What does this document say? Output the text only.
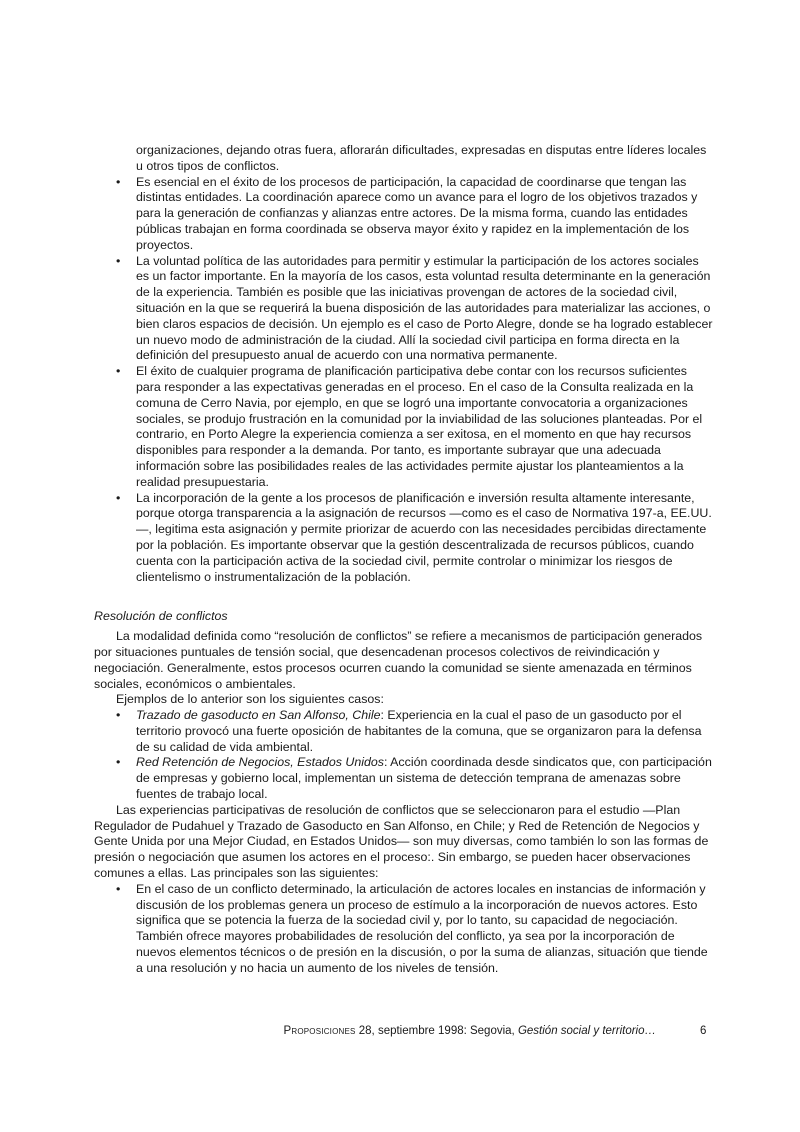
organizaciones, dejando otras fuera, aflorarán dificultades, expresadas en disputas entre líderes locales u otros tipos de conflictos.

•	Es esencial en el éxito de los procesos de participación, la capacidad de coordinarse que tengan las distintas entidades. La coordinación aparece como un avance para el logro de los objetivos trazados y para la generación de confianzas y alianzas entre actores. De la misma forma, cuando las entidades públicas trabajan en forma coordinada se observa mayor éxito y rapidez en la implementación de los proyectos.
•	La voluntad política de las autoridades para permitir y estimular la participación de los actores sociales es un factor importante. En la mayoría de los casos, esta voluntad resulta determinante en la generación de la experiencia. También es posible que las iniciativas provengan de actores de la sociedad civil, situación en la que se requerirá la buena disposición de las autoridades para materializar las acciones, o bien claros espacios de decisión. Un ejemplo es el caso de Porto Alegre, donde se ha logrado establecer un nuevo modo de administración de la ciudad. Allí la sociedad civil participa en forma directa en la definición del presupuesto anual de acuerdo con una normativa permanente.
•	El éxito de cualquier programa de planificación participativa debe contar con los recursos suficientes para responder a las expectativas generadas en el proceso. En el caso de la Consulta realizada en la comuna de Cerro Navia, por ejemplo, en que se logró una importante convocatoria a organizaciones sociales, se produjo frustración en la comunidad por la inviabilidad de las soluciones planteadas. Por el contrario, en Porto Alegre la experiencia comienza a ser exitosa, en el momento en que hay recursos disponibles para responder a la demanda. Por tanto, es importante subrayar que una adecuada información sobre las posibilidades reales de las actividades permite ajustar los planteamientos a la realidad presupuestaria.
•	La incorporación de la gente a los procesos de planificación e inversión resulta altamente interesante, porque otorga transparencia a la asignación de recursos —como es el caso de Normativa 197-a, EE.UU.—, legitima esta asignación y permite priorizar de acuerdo con las necesidades percibidas directamente por la población. Es importante observar que la gestión descentralizada de recursos públicos, cuando cuenta con la participación activa de la sociedad civil, permite controlar o minimizar los riesgos de clientelismo o instrumentalización de la población.

Resolución de conflictos

La modalidad definida como “resolución de conflictos” se refiere a mecanismos de participación generados por situaciones puntuales de tensión social, que desencadenan procesos colectivos de reivindicación y negociación. Generalmente, estos procesos ocurren cuando la comunidad se siente amenazada en términos sociales, económicos o ambientales.

Ejemplos de lo anterior son los siguientes casos:

•	Trazado de gasoducto en San Alfonso, Chile: Experiencia en la cual el paso de un gasoducto por el territorio provocó una fuerte oposición de habitantes de la comuna, que se organizaron para la defensa de su calidad de vida ambiental.
•	Red Retención de Negocios, Estados Unidos: Acción coordinada desde sindicatos que, con participación de empresas y gobierno local, implementan un sistema de detección temprana de amenazas sobre fuentes de trabajo local.

Las experiencias participativas de resolución de conflictos que se seleccionaron para el estudio —Plan Regulador de Pudahuel y Trazado de Gasoducto en San Alfonso, en Chile; y Red de Retención de Negocios y Gente Unida por una Mejor Ciudad, en Estados Unidos— son muy diversas, como también lo son las formas de presión o negociación que asumen los actores en el proceso:. Sin embargo, se pueden hacer observaciones comunes a ellas. Las principales son las siguientes:

•	En el caso de un conflicto determinado, la articulación de actores locales en instancias de información y discusión de los problemas genera un proceso de estímulo a la incorporación de nuevos actores. Esto significa que se potencia la fuerza de la sociedad civil y, por lo tanto, su capacidad de negociación. También ofrece mayores probabilidades de resolución del conflicto, ya sea por la incorporación de nuevos elementos técnicos o de presión en la discusión, o por la suma de alianzas, situación que tiende a una resolución y no hacia un aumento de los niveles de tensión.
Proposiciones 28, septiembre 1998: Segovia, Gestión social y territorio…	6
